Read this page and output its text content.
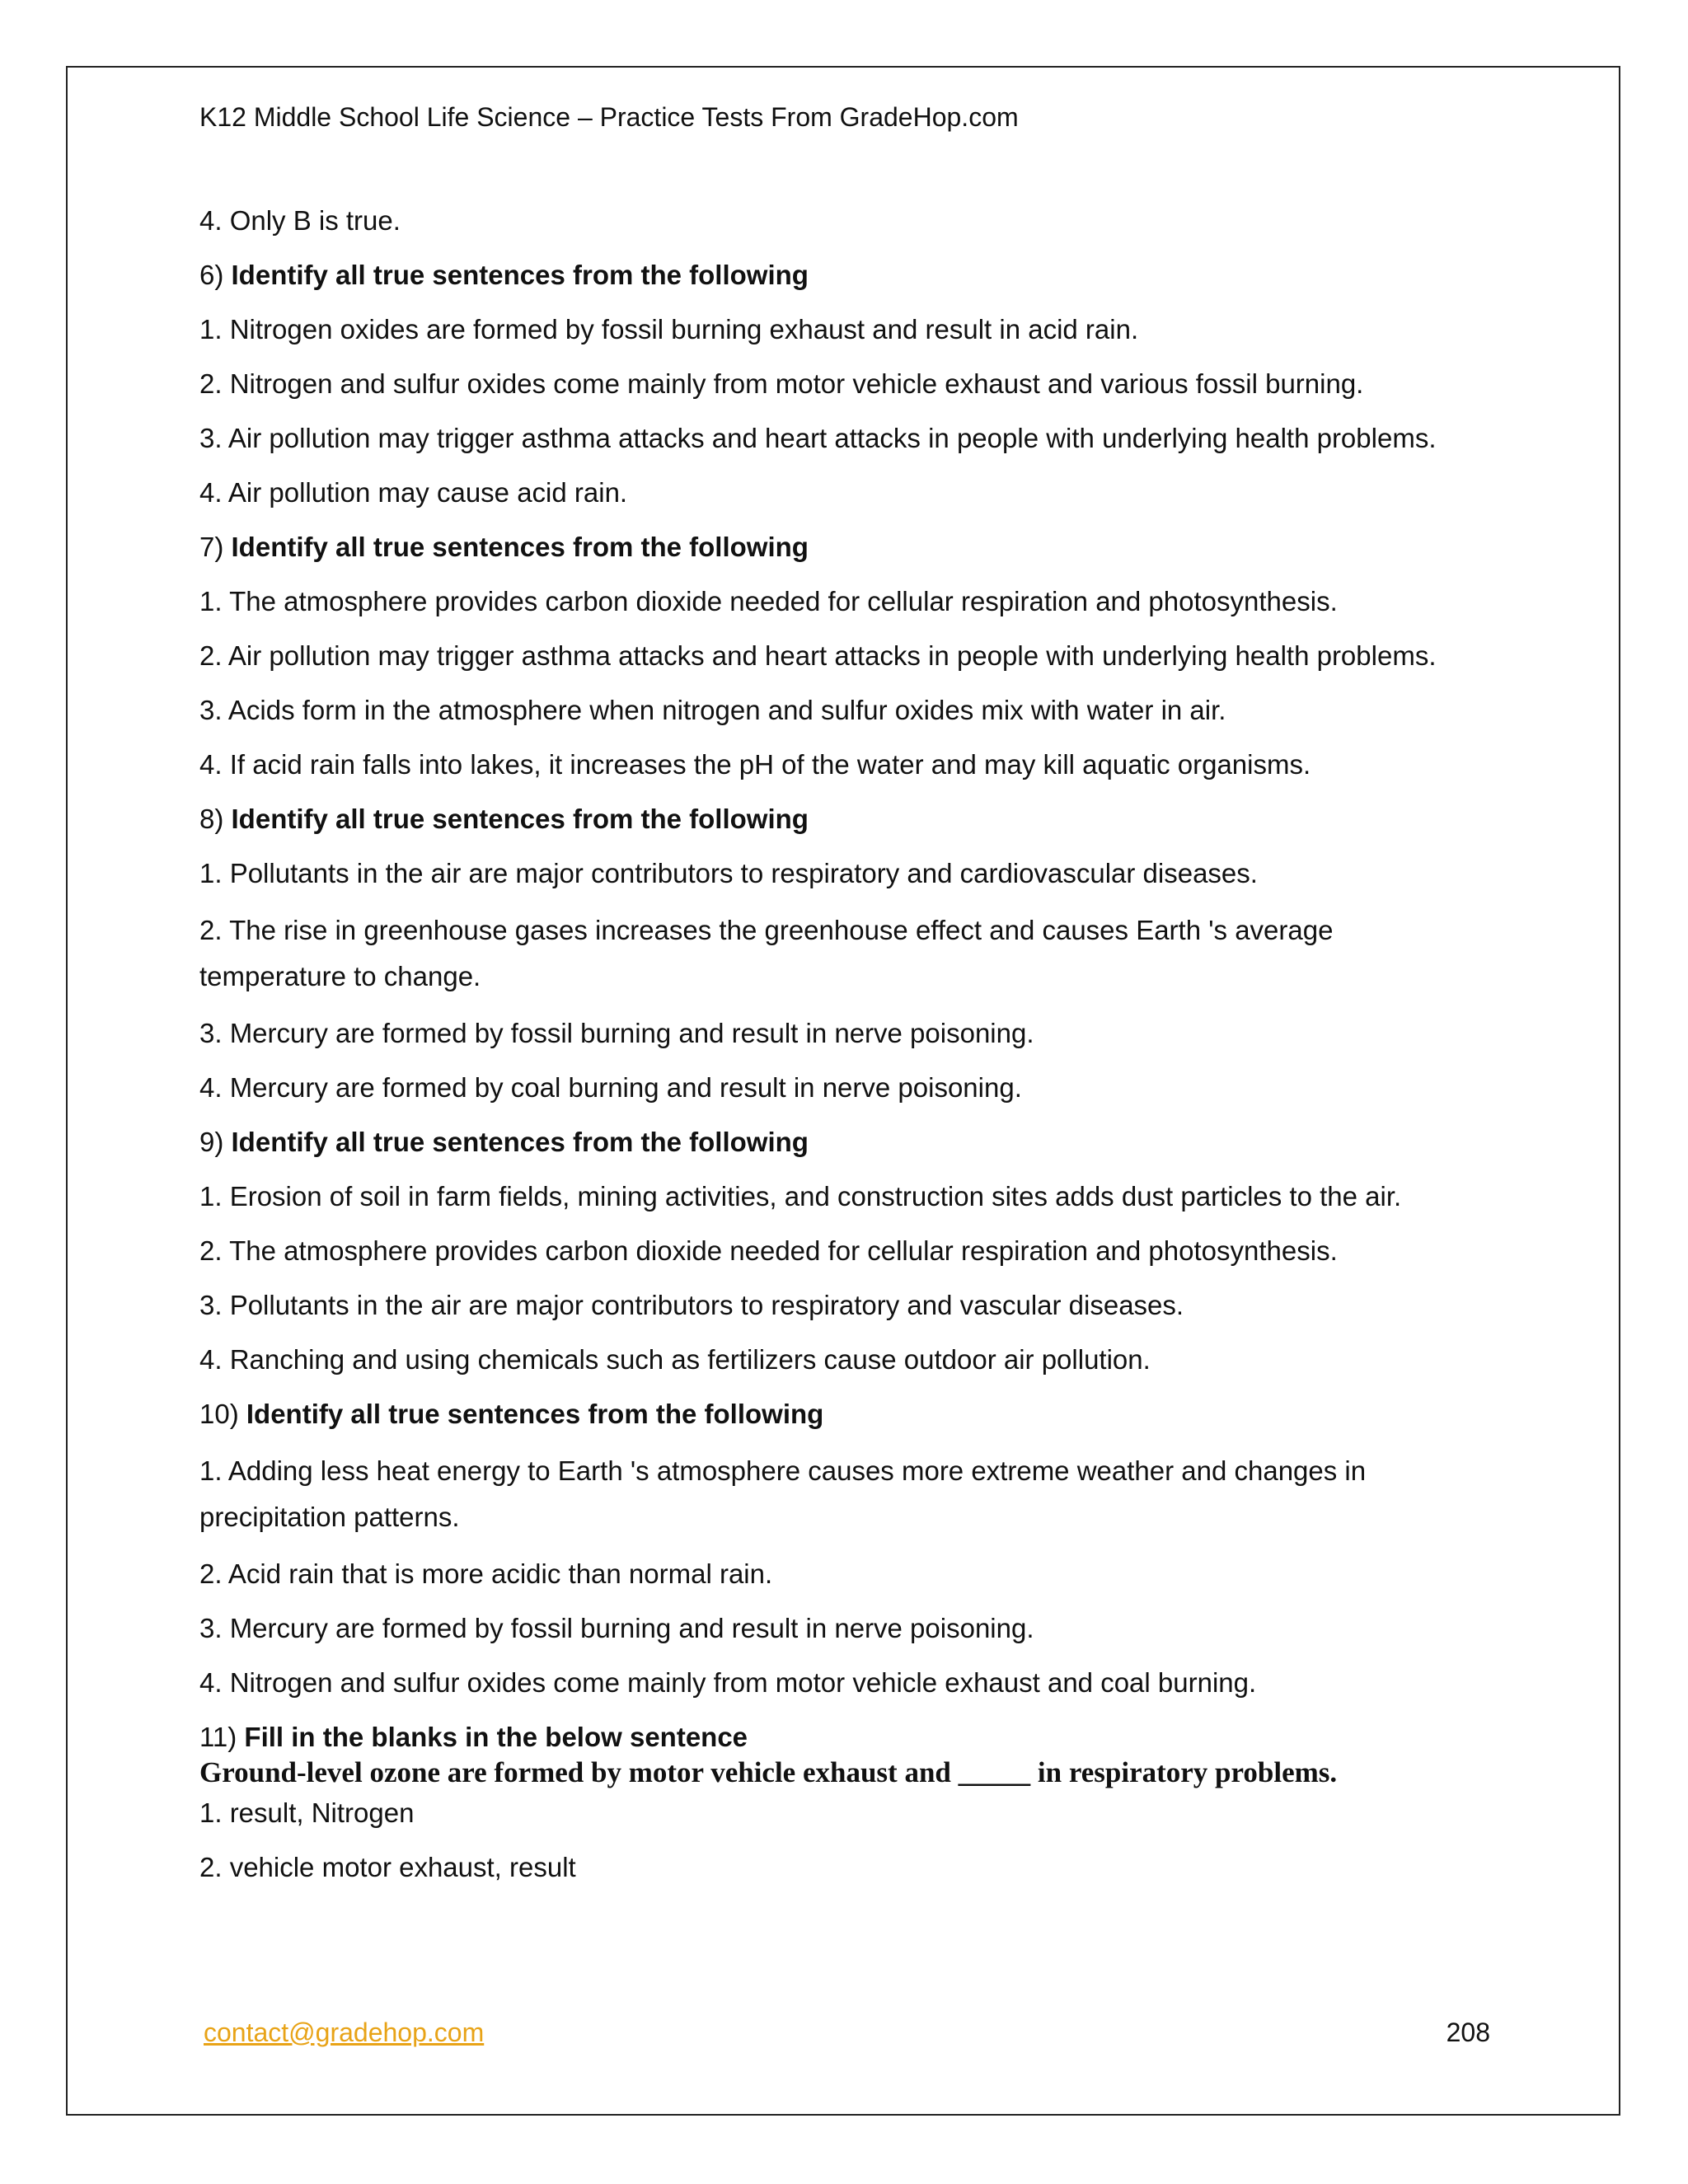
K12 Middle School Life Science – Practice Tests From GradeHop.com
4. Only B is true.
6) Identify all true sentences from the following
1. Nitrogen oxides are formed by fossil burning exhaust and result in acid rain.
2. Nitrogen and sulfur oxides come mainly from motor vehicle exhaust and various fossil burning.
3. Air pollution may trigger asthma attacks and heart attacks in people with underlying health problems.
4. Air pollution may cause acid rain.
7) Identify all true sentences from the following
1. The atmosphere provides carbon dioxide needed for cellular respiration and photosynthesis.
2. Air pollution may trigger asthma attacks and heart attacks in people with underlying health problems.
3. Acids form in the atmosphere when nitrogen and sulfur oxides mix with water in air.
4. If acid rain falls into lakes, it increases the pH of the water and may kill aquatic organisms.
8) Identify all true sentences from the following
1. Pollutants in the air are major contributors to respiratory and cardiovascular diseases.
2. The rise in greenhouse gases increases the greenhouse effect and causes Earth 's average temperature to change.
3. Mercury are formed by fossil burning and result in nerve poisoning.
4. Mercury are formed by coal burning and result in nerve poisoning.
9) Identify all true sentences from the following
1. Erosion of soil in farm fields, mining activities, and construction sites adds dust particles to the air.
2. The atmosphere provides carbon dioxide needed for cellular respiration and photosynthesis.
3. Pollutants in the air are major contributors to respiratory and vascular diseases.
4. Ranching and using chemicals such as fertilizers cause outdoor air pollution.
10) Identify all true sentences from the following
1. Adding less heat energy to Earth 's atmosphere causes more extreme weather and changes in precipitation patterns.
2. Acid rain that is more acidic than normal rain.
3. Mercury are formed by fossil burning and result in nerve poisoning.
4. Nitrogen and sulfur oxides come mainly from motor vehicle exhaust and coal burning.
11) Fill in the blanks in the below sentence
Ground-level ozone are formed by motor vehicle exhaust and _____ in respiratory problems.
1. result, Nitrogen
2. vehicle motor exhaust, result
contact@gradehop.com	208
